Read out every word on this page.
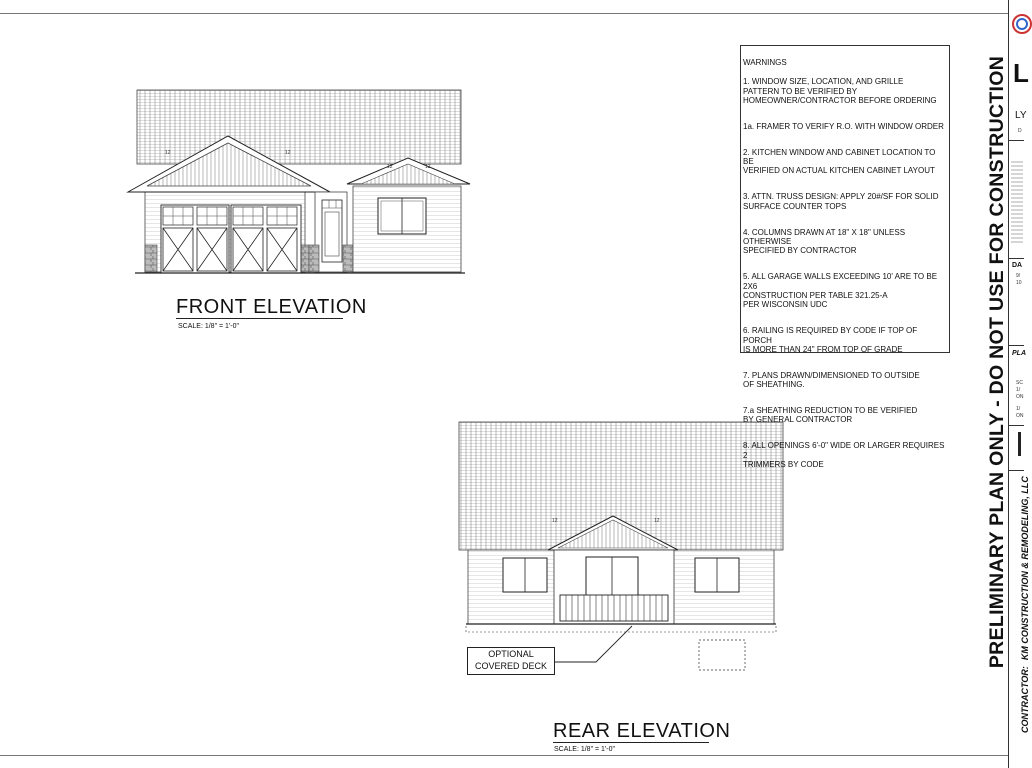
12	12
12	12
FRONT ELEVATION
SCALE: 1/8" = 1'-0"
12	12
OPTIONAL
COVERED DECK
REAR ELEVATION
SCALE: 1/8" = 1'-0"

WARNINGS

1. WINDOW SIZE, LOCATION, AND GRILLE
PATTERN TO BE VERIFIED BY
HOMEOWNER/CONTRACTOR BEFORE ORDERING

1a. FRAMER TO VERIFY R.O. WITH WINDOW ORDER

2. KITCHEN WINDOW AND CABINET LOCATION TO BE
VERIFIED ON ACTUAL KITCHEN CABINET LAYOUT

3. ATTN. TRUSS DESIGN: APPLY 20#/SF FOR SOLID
SURFACE COUNTER TOPS

4. COLUMNS DRAWN AT 18" X 18" UNLESS
OTHERWISE
SPECIFIED BY CONTRACTOR

5. ALL GARAGE WALLS EXCEEDING 10' ARE TO BE
2X6
CONSTRUCTION PER TABLE 321.25-A
PER WISCONSIN UDC

6. RAILING IS REQUIRED BY CODE IF TOP OF PORCH
IS MORE THAN 24" FROM TOP OF GRADE

7. PLANS DRAWN/DIMENSIONED TO OUTSIDE
OF SHEATHING.

7.a SHEATHING REDUCTION TO BE VERIFIED
BY GENERAL CONTRACTOR

8. ALL OPENINGS 6'-0" WIDE OR LARGER REQUIRES 2
TRIMMERS BY CODE	PRELIMINARY PLAN ONLY - DO NOT USE FOR CONSTRUCTION L
LY
D
DA
9/
10
PLA
SC
1/
ON
1/
ON
CONTRACTOR:
KM CONSTRUCTION & REMODELING, LLC
